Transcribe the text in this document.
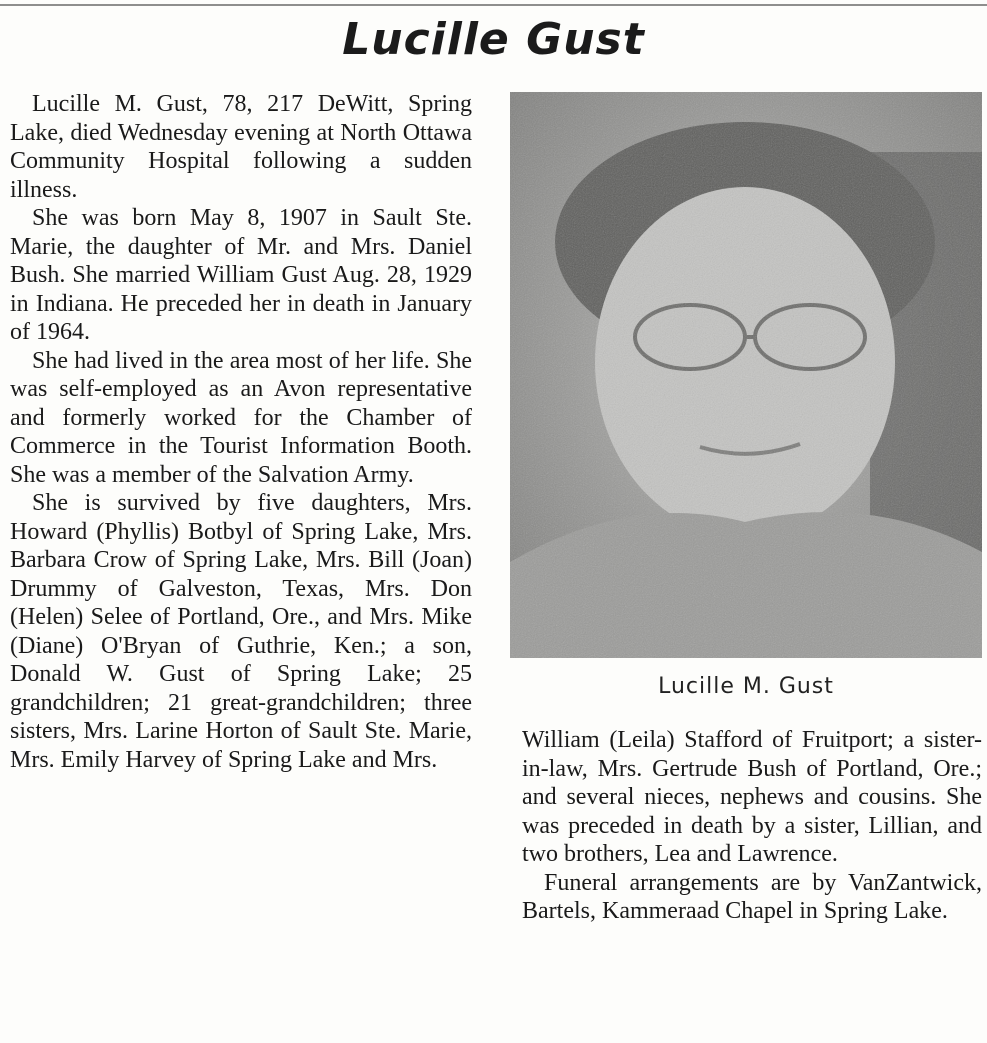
Lucille Gust

Lucille M. Gust, 78, 217 DeWitt, Spring Lake, died Wednesday evening at North Ottawa Community Hospital following a sudden illness.

She was born May 8, 1907 in Sault Ste. Marie, the daughter of Mr. and Mrs. Daniel Bush. She married William Gust Aug. 28, 1929 in Indiana. He preceded her in death in January of 1964.

She had lived in the area most of her life. She was self-employed as an Avon representative and formerly worked for the Chamber of Commerce in the Tourist Information Booth. She was a member of the Salvation Army.

She is survived by five daughters, Mrs. Howard (Phyllis) Botbyl of Spring Lake, Mrs. Barbara Crow of Spring Lake, Mrs. Bill (Joan) Drummy of Galveston, Texas, Mrs. Don (Helen) Selee of Portland, Ore., and Mrs. Mike (Diane) O'Bryan of Guthrie, Ken.; a son, Donald W. Gust of Spring Lake; 25 grandchildren; 21 great-grandchildren; three sisters, Mrs. Larine Horton of Sault Ste. Marie, Mrs. Emily Harvey of Spring Lake and Mrs.

Lucille M. Gust

William (Leila) Stafford of Fruitport; a sister-in-law, Mrs. Gertrude Bush of Portland, Ore.; and several nieces, nephews and cousins. She was preceded in death by a sister, Lillian, and two brothers, Lea and Lawrence.

Funeral arrangements are by VanZantwick, Bartels, Kammeraad Chapel in Spring Lake.
